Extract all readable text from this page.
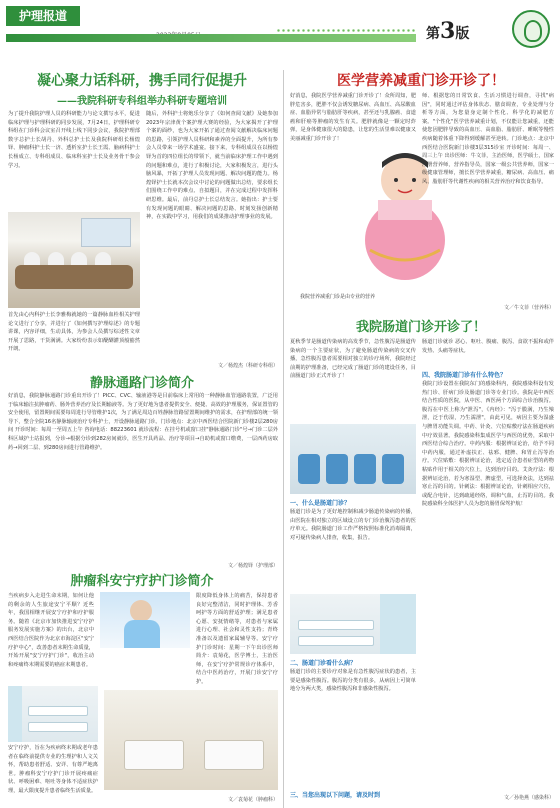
护理报道
第3版
凝心聚力话科研，携手同行促提升
——我院科研专科组举办科研专题培训
为了提升我院护理人员的科研能力与论文撰写水平，促进临床护理与护理科研的同步发展，7月24日，护理科研专科组在门诊科会议室召开线上线下同步会议，我院护理部数字总护士长胡丹、外科总护士长及我院科研组长杨煌铎、肿瘤科护士长一济、透析室护士长王霞、脑病科护士长杨成立、专科组成员、临床科室护士长及业务骨干参会学习。
首先由心内科护士长李雅梅就她的一篇静脉血栓相关护理论文进行了分享，并进行了《如何撰写护理综述》的专题讲课，内容详细，生动具体，为参会人员撰写综述性文章开展了思路，干货满满。大家纷纷表示如醍醐灌顶般豁然开朗。
随后，外科护士将炮乐分享了《如何查阅文献》及她参加2023年宗津黄个案护理大赛的经验，为大家揭开了护理个案的面纱，也为大家开拓了通过查阅文献解决临床问题的思路，引领护理人员科研和素养的全面提升，为所有参会人员带来一场学术盛宴。接下来，专科组成员在以杨煌铎为首的四位组长的带领下，就当前临床护理工作中遇到的问题和难点，进行了积极讨论，大家积极发言，进行头脑风暴，开拓了护理人员发现问题、解决问题的能力。杨煌铎护士长就本次会议中讨论的问题做出总结，要求组长们围绕工作中的难点、自拟题目，并在完成过程中发挥科研思维。最后，前丹总护士长总结发言。她指出：护士要有发现问题的眼睛、解决问题的思路、时刻发扬创新精神，在实践中学习，用我们的成果推动护理事业的发展。
文／杨煌杰（科研专科组）
静脉通路门诊简介
好消息，我院静脉通路门诊重出开诊了！PICC、CVC、输液港等是目前临床上常用的一种静脉血管通路装置，广泛用于临床输注抗肿瘤药、肠外营养治疗及长期输液等。为了更好地为患者提供安全、便捷、高效的护理服务，保证置管的安全使用，留置期间需要每周进行导管维护1次，为了满足周边百姓静脉管路留置期间维护的需求，在护理部的统一领导下，整合全院16名静脉输液治疗专科护士，开设静脉通路门诊。门诊地点：北京中西医结合医院新门诊楼2层280房间 开诊时间：每周一至周五上午 咨询电话：88223601 就诊流程：在挂号机或窗口挂"静脉通路门诊"号→门诊二层外科区域护士站报到，分诊→根据分诊到282房间就诊，医生开具药品、治疗等项目→自助机或窗口缴费，一层西药房取药→回到二层、到280房间进行管路维护。
文／杨煌铎（护理部）
肿瘤科安宁疗护门诊简介
当疾病步入走进生命末期，如何让他的剩余的人生旅途安宁平顺？近些年，我国相继开展安宁疗护和疗护服务。随着《北京市加快推进安宁疗护服务发展实施方案》的出台，北京中西医结合医院作为北京市海淀区"安宁疗护中心"，改善患者末期生命质量，开始开展"安宁疗护门诊"，收治主动和疼痛终末期需要的癌症末期患者。
限度降低身体上的痛苦，保持患者良好完整清洁，同时护理体、芳香呵护等方面的舒适护理；满足患者心愿、安抚情绪等，对患者与家属进行心理、社会和灵性支持；青终准备以及遗留家属辅导等。安宁疗护门诊时间：星期一下午出诊医师简介：袁菊花，医学博士，主治医师，在安宁疗护常规诊疗体系中，结合中医药治疗，开展门诊安宁疗护。
安宁疗护，旨在为疾病终末期或老年患者在临终前提供专业的生理护和人文关怀，帮助患者舒适、安详、有尊严地离世。肿瘤科安宁疗护门诊开展疼痛症状、呼吸困难、呕吐等身体不适症状护理，最大限度提升患者临终生活质量。
文／袁菊花（肿瘤科）
医学营养减重门诊开诊了！
好消息，我院医学营养减重门诊开诊了！众所周知，肥胖危害多，肥胖不仅会诱发糖尿病、高血压、高尿酸血症、血脂异常与脂肪肝等疾病，甚至还与乳腺癌、食道癌和肝癌等肿瘤的发生有关。肥胖就像是一颗定时炸弹，是身体健康很大的隐患，让您的生活里难以健康又美丽减重门诊开诊了！
我院营养减重门诊是由专业的营养
师、根据您的日常饮食、生活习惯进行调查，寻找"病因"，同时通过评估身体状态、膳食调查，专业处理与分析等方面，为您量身定制个性化、科学化的减肥方案。"个性化"医学营养减重计划，不仅能让您减重，还能使您因肥胖导致的高血压、高血脂、脂肪肝、睡眠等慢性疾病随着体重下降得到缓解甚至逆转。门诊地点：北京中西医结合医院新门诊楼3层315诊室 开诊时间：每周一、周三上午 出诊医师：牛文菲，主治医师，医学硕士，国家注册营养师，营养指导员，国家一级公共营养师，国家一级健康管理师，擅长医学营养减重，糖尿病、高血压、痛风、脂肪肝等代谢性疾病的相关营养治疗和饮食指导。
文／牛文菲（营养科）
我院肠道门诊开诊了！
夏秋季节是肠道传染病的高发季节，急性腹泻是肠道传染病的一个主要症状，为了避免肠道传染病的交叉传播，急性腹泻患者需要相对独立的诊疗场所，我院经过前期的护理准备，已经完成了肠道门诊的建设任务，目前肠道门诊正式开诊了！
一、什么是肠道门诊？
肠道门诊是为了更好地控制和减少肠道传染病的传播，由医院在相对独立的区域设立的专门诊治腹泻患者的医疗单元。我院肠道门诊工作严格按照标准化消毒隔离，对可疑传染病人排查，收集，报告。
二、肠道门诊看什么病？
肠道门诊的主要诊疗对象是有急性腹泻症状的患者，主要是感染性腹泻。腹泻的分类有很多，从病因上可简单地分为两大类，感染性腹泻和非感染性腹泻。
三、当您出现以下问题，请及时到
肠道门诊就诊 恶心、呕吐、腹痛、腹泻、食欲不振和或伴发热、头痛等症状。
四、我院肠道门诊有什么特色？
我院门诊设置在我院东门的感染科内，我院感染科设有发热门诊、肝病门诊及肠道门诊等专业门诊。我院是中西医结合性质的医院，从中医、西医两个方面综合诊治腹泻。腹泻在中医上称为"泄泻"，《内经》："泻于膜满，乃生飧泄，泛于伤湿，乃生濡泄"，由此可见，病因主要为湿盛与脾胃功能失调。中药、针灸、穴位贴敷疗法在肠道疾病中疗效显著。我院感染科集成医学与西医的优势，采取中西医结合综合治疗。中药内服：根据辨证论治，给予不同中药内服，通过补虚扶正、祛邪、健脾、和胃止泻等治疗。穴位贴敷：根据辨证论治，选定适合患者症型的药物粘贴作用于相关的穴位上，达到治疗目的。艾灸疗法：根据辨证论治，若为寒湿型、脾虚型，可选择灸法，达到祛寒止泻的目的。针刺法：根据辨证论治，针刺相应穴位，或配合电针，达到疏通经络，调和气血，止泻的目的。我院感染科全体医护人员为您的肠胃保驾护航！
文／孙艳燕（感染科）
